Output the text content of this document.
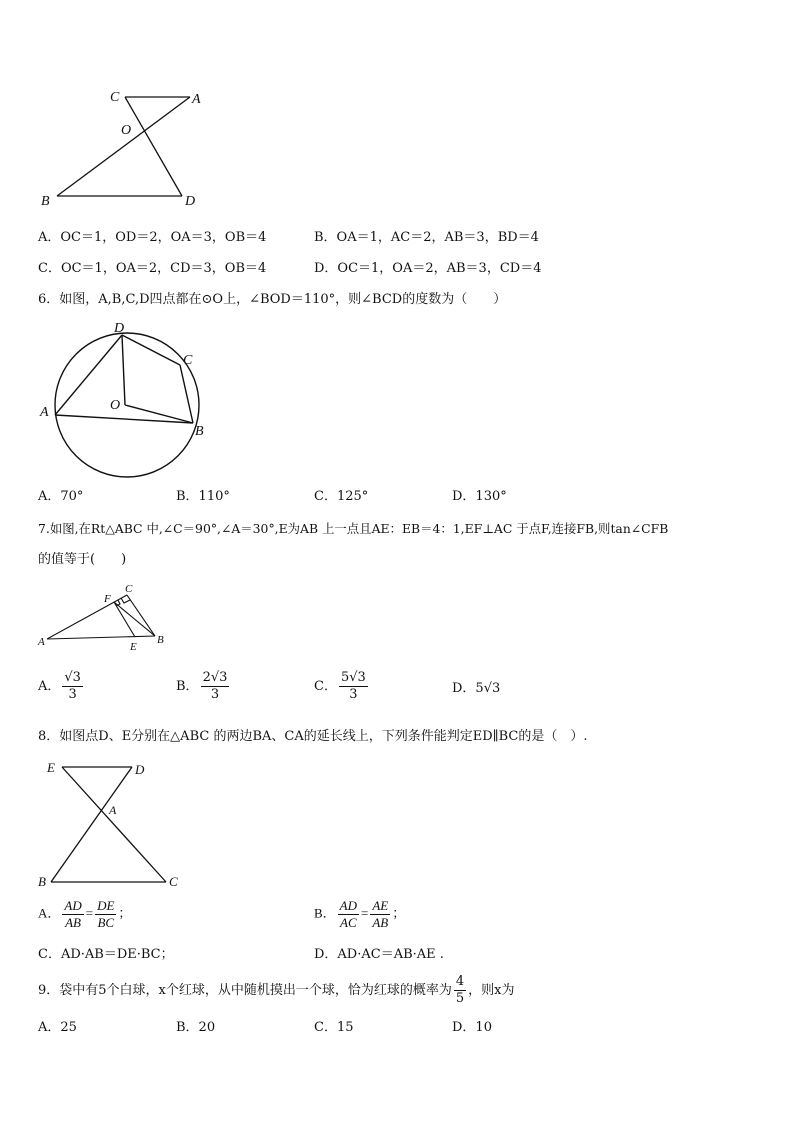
C	A
O
B	D
A．OC＝1，OD＝2，OA＝3，OB＝4	B．OA＝1，AC＝2，AB＝3，BD＝4
C．OC＝1，OA＝2，CD＝3，OB＝4	D．OC＝1，OA＝2，AB＝3，CD＝4
6．如图，A,B,C,D四点都在⊙O上，∠BOD＝110°，则∠BCD的度数为（　　）
D
C
A	O
B
A．70°	B．110°	C．125°	D．130°
7.如图,在Rt△ABC 中,∠C＝90°,∠A＝30°,E为AB 上一点且AE：EB＝4：1,EF⊥AC 于点F,连接FB,则tan∠CFB
的值等于(　　)
C
F
A	E
B
A． $\frac{√3}{3}$	B． $\frac{2√3}{3}$	C． $\frac{5√3}{3}$	D．5√3
8．如图点D、E分别在△ABC 的两边BA、CA的延长线上，下列条件能判定ED∥BC的是（　）.
E	D
A
B	C
A． $\frac{AD}{AB} = \frac{DE}{BC}$ ；	B． $\frac{AD}{AC} = \frac{AE}{AB}$ ；
C．AD·AB＝DE·BC；	D．AD·AC＝AB·AE .
9．袋中有5个白球，x个红球，从中随机摸出一个球，恰为红球的概率为 $\frac{4}{5}$ ，则x为
A．25	B．20	C．15	D．10
